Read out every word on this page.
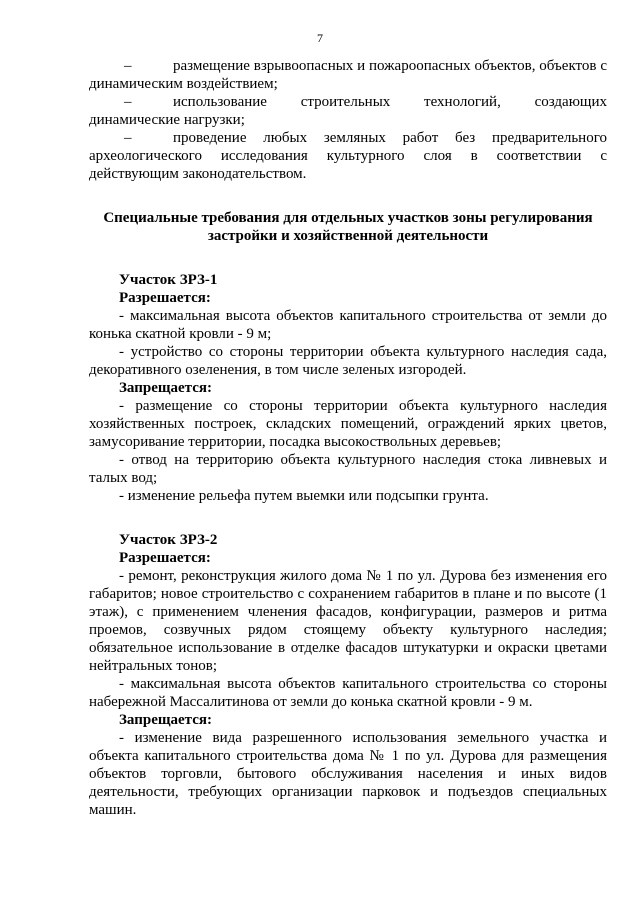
7

–	размещение взрывоопасных и пожароопасных объектов, объектов с динамическим воздействием;

–	использование строительных технологий, создающих динамические нагрузки;

–	проведение любых земляных работ без предварительного археологического исследования культурного слоя в соответствии с действующим законодательством.

Специальные требования для отдельных участков зоны регулирования застройки и хозяйственной деятельности

Участок ЗРЗ-1

Разрешается:

- максимальная высота объектов капитального строительства от земли до конька скатной кровли - 9 м;

- устройство со стороны территории объекта культурного наследия сада, декоративного озеленения, в том числе зеленых изгородей.

Запрещается:

- размещение со стороны территории объекта культурного наследия хозяйственных построек, складских помещений, ограждений ярких цветов, замусоривание территории, посадка высокоствольных деревьев;

- отвод на территорию объекта культурного наследия стока ливневых и талых вод;

- изменение рельефа путем выемки или подсыпки грунта.

Участок ЗРЗ-2

Разрешается:

- ремонт, реконструкция жилого дома № 1 по ул. Дурова без изменения его габаритов; новое строительство с сохранением габаритов в плане и по высоте (1 этаж), с применением членения фасадов, конфигурации, размеров и ритма проемов, созвучных рядом стоящему объекту культурного наследия; обязательное использование в отделке фасадов штукатурки и окраски цветами нейтральных тонов;

- максимальная высота объектов капитального строительства со стороны набережной Массалитинова от земли до конька скатной кровли - 9 м.

Запрещается:

- изменение вида разрешенного использования земельного участка и объекта капитального строительства дома № 1 по ул. Дурова для размещения объектов торговли, бытового обслуживания населения и иных видов деятельности, требующих организации парковок и подъездов специальных машин.
